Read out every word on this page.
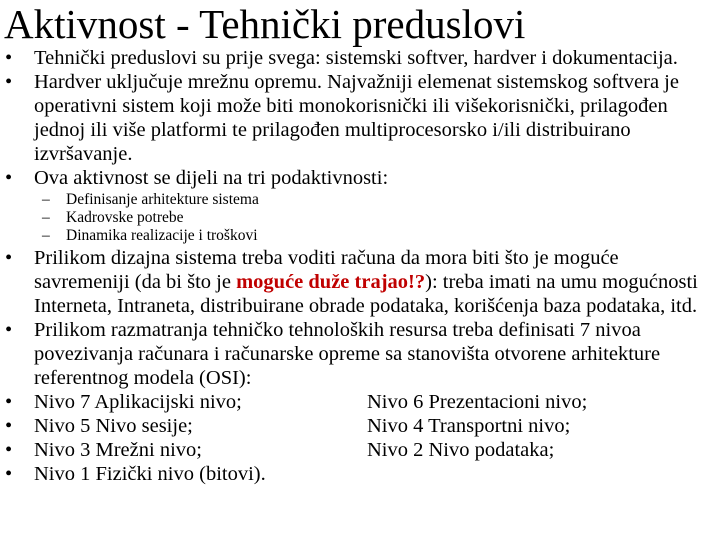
Aktivnost - Tehnički preduslovi
• Tehnički preduslovi su prije svega: sistemski softver, hardver i dokumentacija.
• Hardver uključuje mrežnu opremu. Najvažniji elemenat sistemskog softvera je operativni sistem koji može biti monokorisnički ili višekorisnički, prilagođen jednoj ili više platformi te prilagođen multiprocesorsko i/ili distribuirano izvršavanje.
• Ova aktivnost se dijeli na tri podaktivnosti:
– Definisanje arhitekture sistema
– Kadrovske potrebe
– Dinamika realizacije i troškovi
• Prilikom dizajna sistema treba voditi računa da mora biti što je moguće savremeniji (da bi što je moguće duže trajao!?): treba imati na umu mogućnosti Interneta, Intraneta, distribuirane obrade podataka, korišćenja baza podataka, itd.
• Prilikom razmatranja tehničko tehnoloških resursa treba definisati 7 nivoa povezivanja računara i računarske opreme sa stanovišta otvorene arhitekture referentnog modela (OSI):
• Nivo 7 Aplikacijski nivo;	Nivo 6 Prezentacioni nivo;
• Nivo 5 Nivo sesije;	Nivo 4 Transportni nivo;
• Nivo 3 Mrežni nivo;	Nivo 2 Nivo podataka;
• Nivo 1 Fizički nivo (bitovi).
